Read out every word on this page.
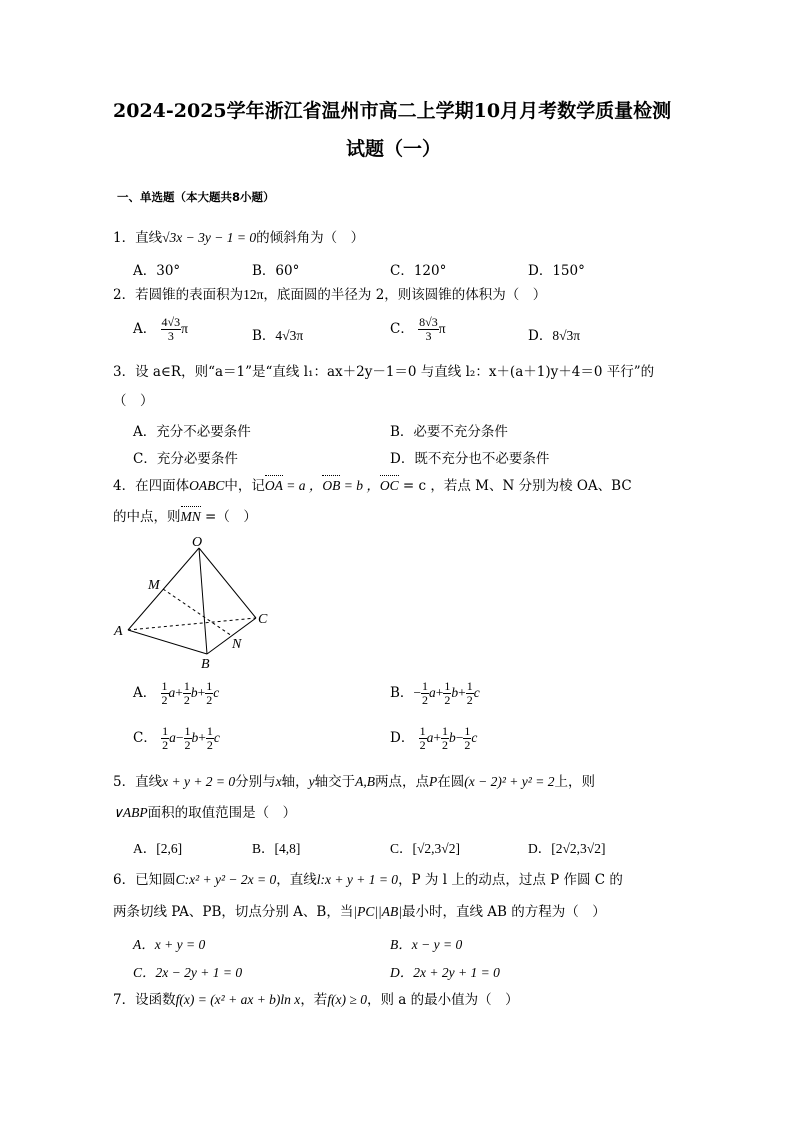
2024-2025学年浙江省温州市高二上学期10月月考数学质量检测
试题（一）
一、单选题（本大题共8小题）
1．直线√3x − 3y − 1 = 0的倾斜角为（　）
A．30°	B．60°	C．120°	D．150°
2．若圆锥的表面积为12π，底面圆的半径为 2，则该圆锥的体积为（　）
A． $\frac{4√3}{3}$ π	B．4√3π	C． $\frac{8√3}{3}$ π	D．8√3π
3．设 a∈R，则“a＝1”是“直线 l₁：ax＋2y－1＝0 与直线 l₂：x＋(a＋1)y＋4＝0 平行”的
（　）
A．充分不必要条件	B．必要不充分条件
C．充分必要条件	D．既不充分也不必要条件
4．在四面体OABC中，记OA = a ，OB = b ，OC = c ，若点 M、N 分别为棱 OA、BC
的中点，则MN =（　）
O
M
A
C
N
B
A． $\frac{1}{2} a+ \frac{1}{2} b+ \frac{1}{2}$ c	B．− $\frac{1}{2} a+ \frac{1}{2} b+ \frac{1}{2}$ c
C． $\frac{1}{2} a- \frac{1}{2} b+ \frac{1}{2}$ c	D． $\frac{1}{2} a+ \frac{1}{2} b- \frac{1}{2}$ c
5．直线x + y + 2 = 0分别与x轴，y轴交于A,B两点，点P在圆(x − 2)² + y² = 2上，则
∨ABP面积的取值范围是（　）
A．[2,6]	B．[4,8]	C．[√2,3√2]	D．[2√2,3√2]
6．已知圆C:x² + y² − 2x = 0，直线l:x + y + 1 = 0，P 为 l 上的动点，过点 P 作圆 C 的
两条切线 PA、PB，切点分别 A、B，当|PC||AB|最小时，直线 AB 的方程为（　）
A．x + y = 0	B．x − y = 0
C．2x − 2y + 1 = 0	D．2x + 2y + 1 = 0
7．设函数f(x) = (x² + ax + b)ln x，若f(x) ≥ 0，则 a 的最小值为（　）
